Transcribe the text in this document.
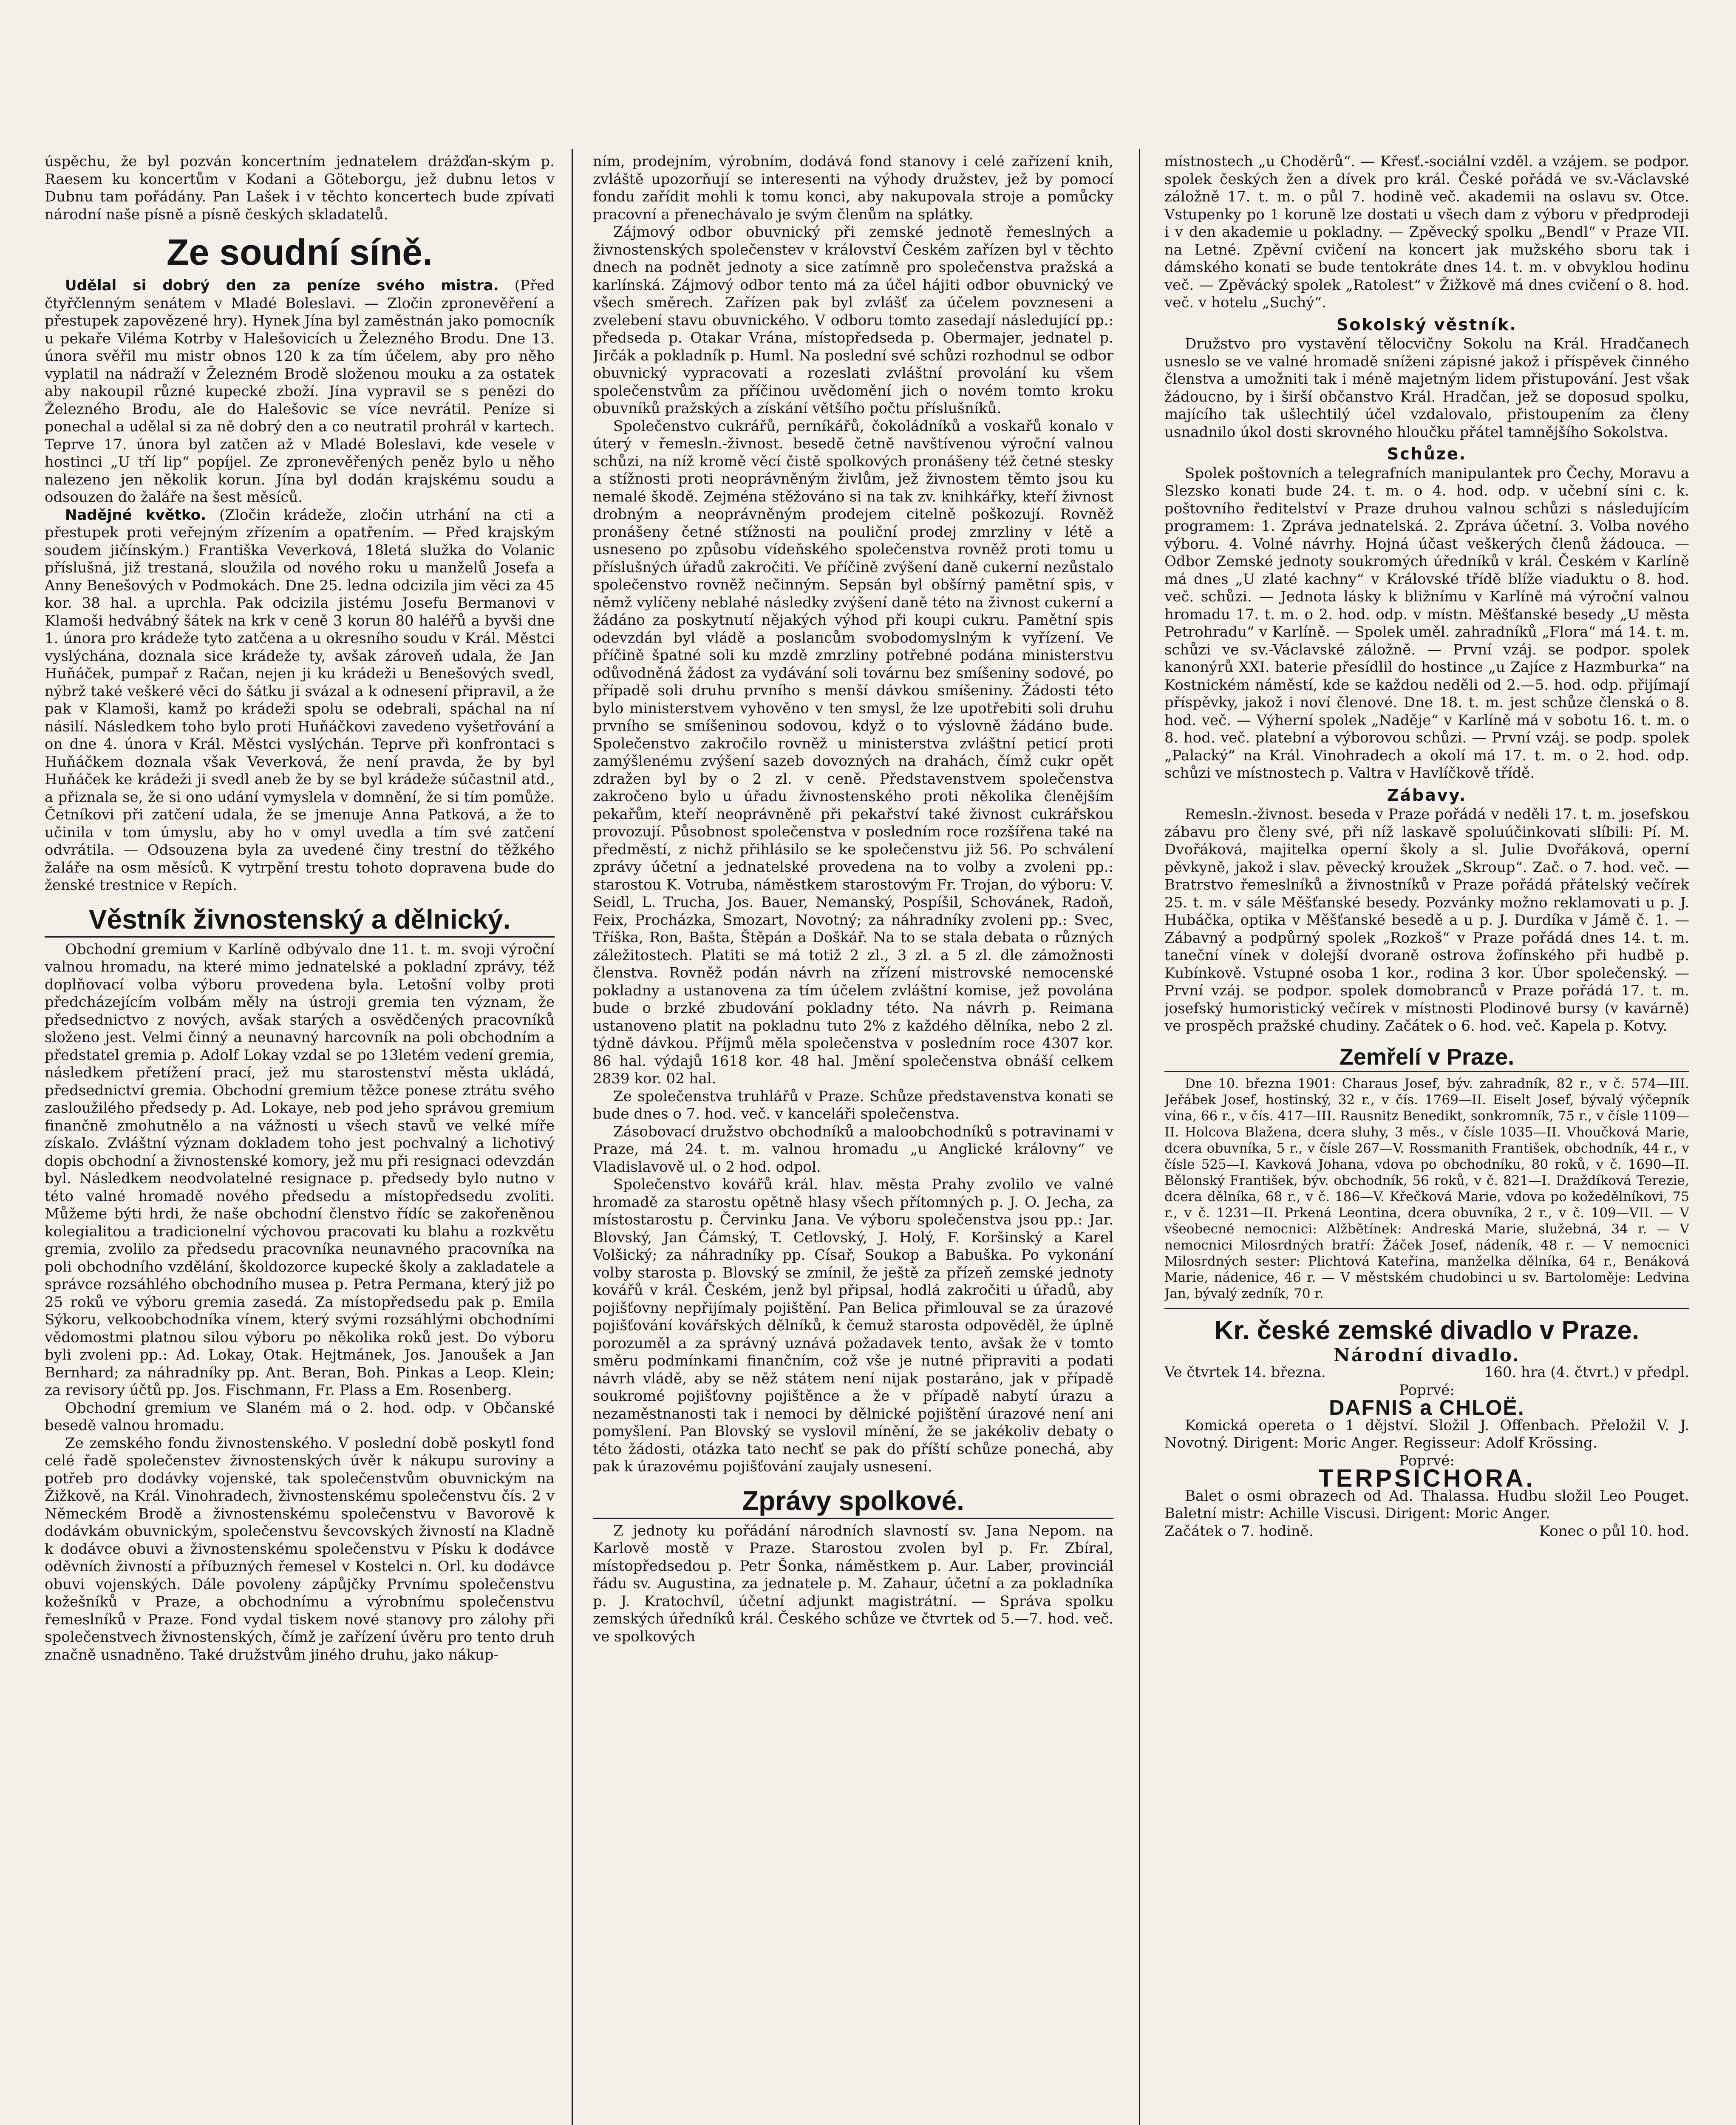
úspěchu, že byl pozván koncertním jednatelem drážďan-ským p. Raesem ku koncertům v Kodani a Göteborgu, jež dubnu letos v Dubnu tam pořádány. Pan Lašek i v těchto koncertech bude zpívati národní naše písně a písně českých skladatelů.

Ze soudní síně.

Udělal si dobrý den za peníze svého mistra. (Před čtyřčlenným senátem v Mladé Boleslavi. — Zločin zpronevěření a přestupek zapovězené hry). Hynek Jína byl zaměstnán jako pomocník u pekaře Viléma Kotrby v Halešovicích u Železného Brodu. Dne 13. února svěřil mu mistr obnos 120 k za tím účelem, aby pro něho vyplatil na nádraží v Železném Brodě složenou mouku a za ostatek aby nakoupil různé kupecké zboží. Jína vypravil se s penězi do Železného Brodu, ale do Halešovic se více nevrátil. Peníze si ponechal a udělal si za ně dobrý den a co neutratil prohrál v kartech. Teprve 17. února byl zatčen až v Mladé Boleslavi, kde vesele v hostinci „U tří lip“ popíjel. Ze zpronevěřených peněz bylo u něho nalezeno jen několik korun. Jína byl dodán krajskému soudu a odsouzen do žaláře na šest měsíců.

Nadějné květko. (Zločin krádeže, zločin utrhání na cti a přestupek proti veřejným zřízením a opatřením. — Před krajským soudem jičínským.) Františka Veverková, 18letá služka do Volanic příslušná, již trestaná, sloužila od nového roku u manželů Josefa a Anny Benešových v Podmokách. Dne 25. ledna odcizila jim věci za 45 kor. 38 hal. a uprchla. Pak odcizila jistému Josefu Bermanovi v Klamoši hedvábný šátek na krk v ceně 3 korun 80 haléřů a byvši dne 1. února pro krádeže tyto zatčena a u okresního soudu v Král. Městci vyslýchána, doznala sice krádeže ty, avšak zároveň udala, že Jan Huňáček, pumpař z Račan, nejen ji ku krádeži u Benešových svedl, nýbrž také veškeré věci do šátku ji svázal a k odnesení připravil, a že pak v Klamoši, kamž po krádeži spolu se odebrali, spáchal na ní násilí. Následkem toho bylo proti Huňáčkovi zavedeno vyšetřování a on dne 4. února v Král. Městci vyslýchán. Teprve při konfrontaci s Huňáčkem doznala však Veverková, že není pravda, že by byl Huňáček ke krádeži ji svedl aneb že by se byl krádeže súčastnil atd., a přiznala se, že si ono udání vymyslela v domnění, že si tím pomůže. Četníkovi při zatčení udala, že se jmenuje Anna Patková, a že to učinila v tom úmyslu, aby ho v omyl uvedla a tím své zatčení odvrátila. — Odsouzena byla za uvedené činy trestní do těžkého žaláře na osm měsíců. K vytrpění trestu tohoto dopravena bude do ženské trestnice v Repích.

Věstník živnostenský a dělnický.

Obchodní gremium v Karlíně odbývalo dne 11. t. m. svoji výroční valnou hromadu, na které mimo jednatelské a pokladní zprávy, též doplňovací volba výboru provedena byla. Letošní volby proti předcházejícím volbám měly na ústroji gremia ten význam, že předsednictvo z nových, avšak starých a osvědčených pracovníků složeno jest. Velmi činný a neunavný harcovník na poli obchodním a předstatel gremia p. Adolf Lokay vzdal se po 13letém vedení gremia, následkem přetížení prací, jež mu starostenství města ukládá, předsednictví gremia. Obchodní gremium těžce ponese ztrátu svého zasloužilého předsedy p. Ad. Lokaye, neb pod jeho správou gremium finančně zmohutnělo a na vážnosti u všech stavů ve velké míře získalo. Zvláštní význam dokladem toho jest pochvalný a lichotivý dopis obchodní a živnostenské komory, jež mu při resignaci odevzdán byl. Následkem neodvolatelné resignace p. předsedy bylo nutno v této valné hromadě nového předsedu a místopředsedu zvoliti. Můžeme býti hrdi, že naše obchodní členstvo řídíc se zakořeněnou kolegialitou a tradicionelní výchovou pracovati ku blahu a rozkvětu gremia, zvolilo za předsedu pracovníka neunavného pracovníka na poli obchodního vzdělání, školdozorce kupecké školy a zakladatele a správce rozsáhlého obchodního musea p. Petra Permana, který již po 25 roků ve výboru gremia zasedá. Za místopředsedu pak p. Emila Sýkoru, velkoobchodníka vínem, který svými rozsáhlými obchodními vědomostmi platnou silou výboru po několika roků jest. Do výboru byli zvoleni pp.: Ad. Lokay, Otak. Hejtmánek, Jos. Janoušek a Jan Bernhard; za náhradníky pp. Ant. Beran, Boh. Pinkas a Leop. Klein; za revisory účtů pp. Jos. Fischmann, Fr. Plass a Em. Rosenberg.

Obchodní gremium ve Slaném má o 2. hod. odp. v Občanské besedě valnou hromadu.

Ze zemského fondu živnostenského. V poslední době poskytl fond celé řadě společenstev živnostenských úvěr k nákupu suroviny a potřeb pro dodávky vojenské, tak společenstvům obuvnickým na Žižkově, na Král. Vinohradech, živnostenskému společenstvu čís. 2 v Německém Brodě a živnostenskému společenstvu v Bavorově k dodávkám obuvnickým, společenstvu ševcovských živností na Kladně k dodávce obuvi a živnostenskému společenstvu v Písku k dodávce oděvních živností a příbuzných řemesel v Kostelci n. Orl. ku dodávce obuvi vojenských. Dále povoleny zápůjčky Prvnímu společenstvu kožešníků v Praze, a obchodnímu a výrobnímu společenstvu řemeslníků v Praze. Fond vydal tiskem nové stanovy pro zálohy při společenstvech živnostenských, čímž je zařízení úvěru pro tento druh značně usnadněno. Také družstvům jiného druhu, jako nákup-

ním, prodejním, výrobním, dodává fond stanovy i celé zařízení knih, zvláště upozorňují se interesenti na výhody družstev, jež by pomocí fondu zařídit mohli k tomu konci, aby nakupovala stroje a pomůcky pracovní a přenechávalo je svým členům na splátky.

Zájmový odbor obuvnický při zemské jednotě řemeslných a živnostenských společenstev v království Českém zařízen byl v těchto dnech na podnět jednoty a sice zatímně pro společenstva pražská a karlínská. Zájmový odbor tento má za účel hájiti odbor obuvnický ve všech směrech. Zařízen pak byl zvlášť za účelem povzneseni a zvelebení stavu obuvnického. V odboru tomto zasedají následující pp.: předseda p. Otakar Vrána, místopředseda p. Obermajer, jednatel p. Jirčák a pokladník p. Huml. Na poslední své schůzi rozhodnul se odbor obuvnický vypracovati a rozeslati zvláštní provolání ku všem společenstvům za příčinou uvědomění jich o novém tomto kroku obuvníků pražských a získání většího počtu příslušníků.

Společenstvo cukrářů, perníkářů, čokoládníků a voskařů konalo v úterý v řemesln.-živnost. besedě četně navštívenou výroční valnou schůzi, na níž kromě věcí čistě spolkových pronášeny též četné stesky a stížnosti proti neoprávněným živlům, jež živnostem těmto jsou ku nemalé škodě. Zejména stěžováno si na tak zv. knihkářky, kteří živnost drobným a neoprávněným prodejem citelně poškozují. Rovněž pronášeny četné stížnosti na pouliční prodej zmrzliny v létě a usneseno po způsobu vídeňského společenstva rovněž proti tomu u příslušných úřadů zakročiti. Ve příčině zvýšení daně cukerní nezůstalo společenstvo rovněž nečinným. Sepsán byl obšírný pamětní spis, v němž vylíčeny neblahé následky zvýšení daně této na živnost cukerní a žádáno za poskytnutí nějakých výhod při koupi cukru. Pamětní spis odevzdán byl vládě a poslancům svobodomyslným k vyřízení. Ve příčině špatné soli ku mzdě zmrzliny potřebné podána ministerstvu odůvodněná žádost za vydávání soli továrnu bez smíšeniny sodové, po případě soli druhu prvního s menší dávkou smíšeniny. Žádosti této bylo ministerstvem vyhověno v ten smysl, že lze upotřebiti soli druhu prvního se smíšeninou sodovou, když o to výslovně žádáno bude. Společenstvo zakročilo rovněž u ministerstva zvláštní peticí proti zamýšlenému zvýšení sazeb dovozných na drahách, čímž cukr opět zdražen byl by o 2 zl. v ceně. Představenstvem společenstva zakročeno bylo u úřadu živnostenského proti několika členějším pekařům, kteří neoprávněně při pekařství také živnost cukrářskou provozují. Působnost společenstva v posledním roce rozšířena také na předměstí, z nichž přihlásilo se ke společenstvu již 56. Po schválení zprávy účetní a jednatelské provedena na to volby a zvoleni pp.: starostou K. Votruba, náměstkem starostovým Fr. Trojan, do výboru: V. Seidl, L. Trucha, Jos. Bauer, Nemanský, Pospíšil, Schovánek, Radoň, Feix, Procházka, Smozart, Novotný; za náhradníky zvoleni pp.: Svec, Tříška, Ron, Bašta, Štěpán a Doškář. Na to se stala debata o různých záležitostech. Platiti se má totiž 2 zl., 3 zl. a 5 zl. dle zámožnosti členstva. Rovněž podán návrh na zřízení mistrovské nemocenské pokladny a ustanovena za tím účelem zvláštní komise, jež povolána bude o brzké zbudování pokladny této. Na návrh p. Reimana ustanoveno platit na pokladnu tuto 2% z každého dělníka, nebo 2 zl. týdně dávkou. Příjmů měla společenstva v posledním roce 4307 kor. 86 hal. výdajů 1618 kor. 48 hal. Jmění společenstva obnáší celkem 2839 kor. 02 hal.

Ze společenstva truhlářů v Praze. Schůze představenstva konati se bude dnes o 7. hod. več. v kanceláři společenstva.

Zásobovací družstvo obchodníků a maloobchodníků s potravinami v Praze, má 24. t. m. valnou hromadu „u Anglické královny“ ve Vladislavově ul. o 2 hod. odpol.

Společenstvo kovářů král. hlav. města Prahy zvolilo ve valné hromadě za starostu opětně hlasy všech přítomných p. J. O. Jecha, za místostarostu p. Červinku Jana. Ve výboru společenstva jsou pp.: Jar. Blovský, Jan Čámský, T. Cetlovský, J. Holý, F. Koršinský a Karel Volšický; za náhradníky pp. Císař, Soukop a Babuška. Po vykonání volby starosta p. Blovský se zmínil, že ještě za přízeň zemské jednoty kovářů v král. Českém, jenž byl připsal, hodlá zakročiti u úřadů, aby pojišťovny nepřijímaly pojištění. Pan Belica přimlouval se za úrazové pojišťování kovářských dělníků, k čemuž starosta odpověděl, že úplně porozuměl a za správný uznává požadavek tento, avšak že v tomto směru podmínkami finančním, což vše je nutné připraviti a podati návrh vládě, aby se něž státem není nijak postaráno, jak v případě soukromé pojišťovny pojištěnce a že v případě nabytí úrazu a nezaměstnanosti tak i nemoci by dělnické pojištění úrazové není ani pomyšlení. Pan Blovský se vyslovil mínění, že se jakékoliv debaty o této žádosti, otázka tato nechť se pak do příští schůze ponechá, aby pak k úrazovému pojišťování zaujaly usnesení.

Zprávy spolkové.

Z jednoty ku pořádání národních slavností sv. Jana Nepom. na Karlově mostě v Praze. Starostou zvolen byl p. Fr. Zbíral, místopředsedou p. Petr Šonka, náměstkem p. Aur. Laber, provinciál řádu sv. Augustina, za jednatele p. M. Zahaur, účetní a za pokladníka p. J. Kratochvíl, účetní adjunkt magistrátní. — Správa spolku zemských úředníků král. Českého schůze ve čtvrtek od 5.—7. hod. več. ve spolkových

místnostech „u Choděrů“. — Křesť.-sociální vzděl. a vzájem. se podpor. spolek českých žen a dívek pro král. České pořádá ve sv.-Václavské záložně 17. t. m. o půl 7. hodině več. akademii na oslavu sv. Otce. Vstupenky po 1 koruně lze dostati u všech dam z výboru v předprodeji i v den akademie u pokladny. — Zpěvecký spolku „Bendl“ v Praze VII. na Letné. Zpěvní cvičení na koncert jak mužského sboru tak i dámského konati se bude tentokráte dnes 14. t. m. v obvyklou hodinu več. — Zpěvácký spolek „Ratolest“ v Žižkově má dnes cvičení o 8. hod. več. v hotelu „Suchý“.

Sokolský věstník.

Družstvo pro vystavění tělocvičny Sokolu na Král. Hradčanech usneslo se ve valné hromadě sníženi zápisné jakož i příspěvek činného členstva a umožniti tak i méně majetným lidem přistupování. Jest však žádoucno, by i širší občanstvo Král. Hradčan, jež se doposud spolku, majícího tak ušlechtilý účel vzdalovalo, přistoupením za členy usnadnilo úkol dosti skrovného hloučku přátel tamnějšího Sokolstva.

Schůze.

Spolek poštovních a telegrafních manipulantek pro Čechy, Moravu a Slezsko konati bude 24. t. m. o 4. hod. odp. v učební síni c. k. poštovního ředitelství v Praze druhou valnou schůzi s následujícím programem: 1. Zpráva jednatelská. 2. Zpráva účetní. 3. Volba nového výboru. 4. Volné návrhy. Hojná účast veškerých členů žádouca. — Odbor Zemské jednoty soukromých úředníků v král. Českém v Karlíně má dnes „U zlaté kachny“ v Královské třídě blíže viaduktu o 8. hod. več. schůzi. — Jednota lásky k bližnímu v Karlíně má výroční valnou hromadu 17. t. m. o 2. hod. odp. v místn. Měšťanské besedy „U města Petrohradu“ v Karlíně. — Spolek uměl. zahradníků „Flora“ má 14. t. m. schůzi ve sv.-Václavské záložně. — První vzáj. se podpor. spolek kanonýrů XXI. baterie přesídlil do hostince „u Zajíce z Hazmburka“ na Kostnickém náměstí, kde se každou neděli od 2.—5. hod. odp. přijímají příspěvky, jakož i noví členové. Dne 18. t. m. jest schůze členská o 8. hod. več. — Výherní spolek „Naděje“ v Karlíně má v sobotu 16. t. m. o 8. hod. več. platební a výborovou schůzi. — První vzáj. se podp. spolek „Palacký“ na Král. Vinohradech a okolí má 17. t. m. o 2. hod. odp. schůzi ve místnostech p. Valtra v Havlíčkově třídě.

Zábavy.

Remesln.-živnost. beseda v Praze pořádá v neděli 17. t. m. josefskou zábavu pro členy své, při níž laskavě spoluúčinkovati slíbili: Pí. M. Dvořáková, majitelka operní školy a sl. Julie Dvořáková, operní pěvkyně, jakož i slav. pěvecký kroužek „Skroup“. Zač. o 7. hod. več. — Bratrstvo řemeslníků a živnostníků v Praze pořádá přátelský večírek 25. t. m. v sále Měšťanské besedy. Pozvánky možno reklamovati u p. J. Hubáčka, optika v Měšťanské besedě a u p. J. Durdíka v Jámě č. 1. — Zábavný a podpůrný spolek „Rozkoš“ v Praze pořádá dnes 14. t. m. taneční vínek v dolejší dvoraně ostrova žofínského při hudbě p. Kubínkově. Vstupné osoba 1 kor., rodina 3 kor. Úbor společenský. — První vzáj. se podpor. spolek domobranců v Praze pořádá 17. t. m. josefský humoristický večírek v místnosti Plodinové bursy (v kavárně) ve prospěch pražské chudiny. Začátek o 6. hod. več. Kapela p. Kotvy.

Zemřelí v Praze.

Dne 10. března 1901: Charaus Josef, býv. zahradník, 82 r., v č. 574—III. Jeřábek Josef, hostinský, 32 r., v čís. 1769—II. Eiselt Josef, bývalý výčepník vína, 66 r., v čís. 417—III. Rausnitz Benedikt, sonkromník, 75 r., v čísle 1109—II. Holcova Blažena, dcera sluhy, 3 měs., v čísle 1035—II. Vhoučková Marie, dcera obuvníka, 5 r., v čísle 267—V. Rossmanith František, obchodník, 44 r., v čísle 525—I. Kavková Johana, vdova po obchodníku, 80 roků, v č. 1690—II. Bělonský František, býv. obchodník, 56 roků, v č. 821—I. Draždíková Terezie, dcera dělníka, 68 r., v č. 186—V. Křečková Marie, vdova po kožedělníkovi, 75 r., v č. 1231—II. Prkená Leontina, dcera obuvníka, 2 r., v č. 109—VII. — V všeobecné nemocnici: Alžbětínek: Andreská Marie, služebná, 34 r. — V nemocnici Milosrdných bratří: Žáček Josef, nádeník, 48 r. — V nemocnici Milosrdných sester: Plichtová Kateřina, manželka dělníka, 64 r., Benáková Marie, nádenice, 46 r. — V městském chudobinci u sv. Bartoloměje: Ledvina Jan, bývalý zedník, 70 r.

Kr. české zemské divadlo v Praze.
Národní divadlo.
Ve čtvrtek 14. března.	160. hra (4. čtvrt.) v předpl.

Poprvé:

DAFNIS a CHLOË.

Komická opereta o 1 dějství. Složil J. Offenbach. Přeložil V. J. Novotný. Dirigent: Moric Anger. Regisseur: Adolf Krössing.

Poprvé:

TERPSICHORA.

Balet o osmi obrazech od Ad. Thalassa. Hudbu složil Leo Pouget. Baletní mistr: Achille Viscusi. Dirigent: Moric Anger.

Začátek o 7. hodině.	Konec o půl 10. hod.
